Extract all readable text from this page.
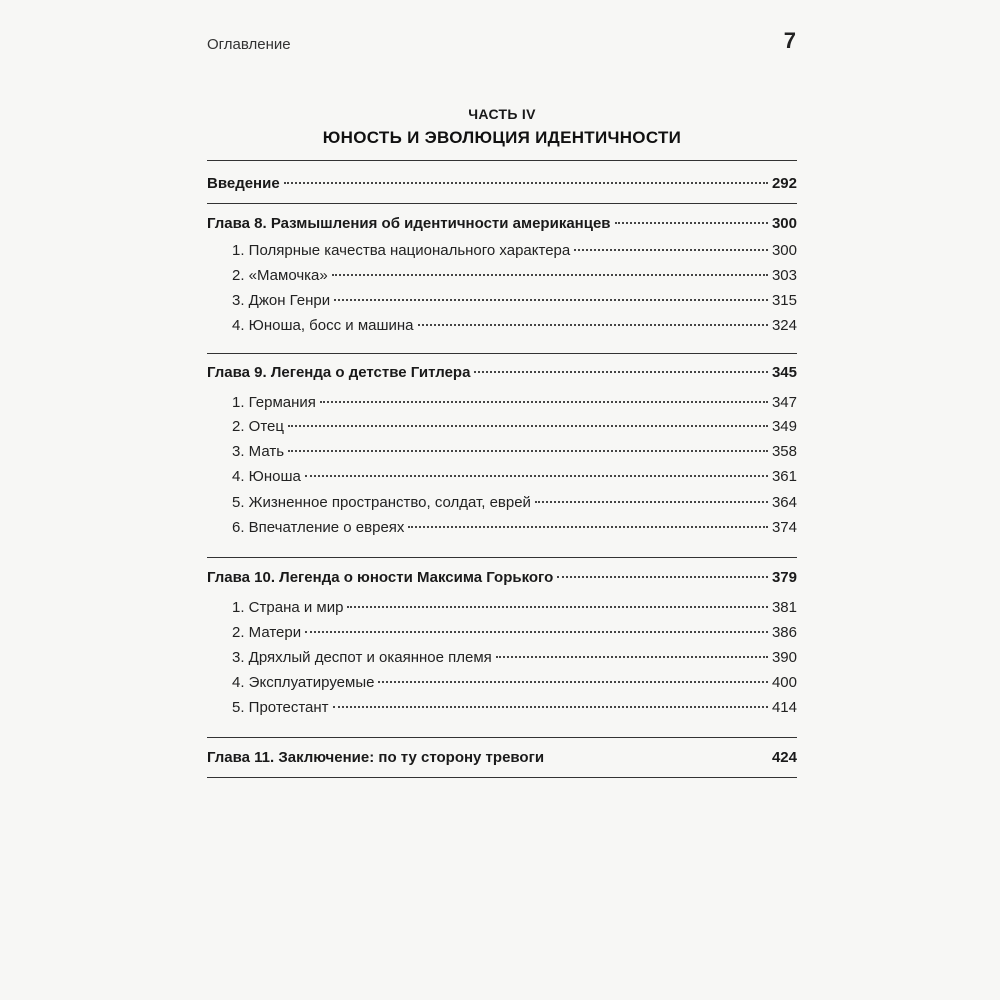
Оглавление	7
ЧАСТЬ IV
ЮНОСТЬ И ЭВОЛЮЦИЯ ИДЕНТИЧНОСТИ
Введение	292
Глава 8. Размышления об идентичности американцев	300
1. Полярные качества национального характера	300
2. «Мамочка»	303
3. Джон Генри	315
4. Юноша, босс и машина	324
Глава 9. Легенда о детстве Гитлера	345
1. Германия	347
2. Отец	349
3. Мать	358
4. Юноша	361
5. Жизненное пространство, солдат, еврей	364
6. Впечатление о евреях	374
Глава 10. Легенда о юности Максима Горького	379
1. Страна и мир	381
2. Матери	386
3. Дряхлый деспот и окаянное племя	390
4. Эксплуатируемые	400
5. Протестант	414
Глава 11. Заключение: по ту сторону тревоги	424
